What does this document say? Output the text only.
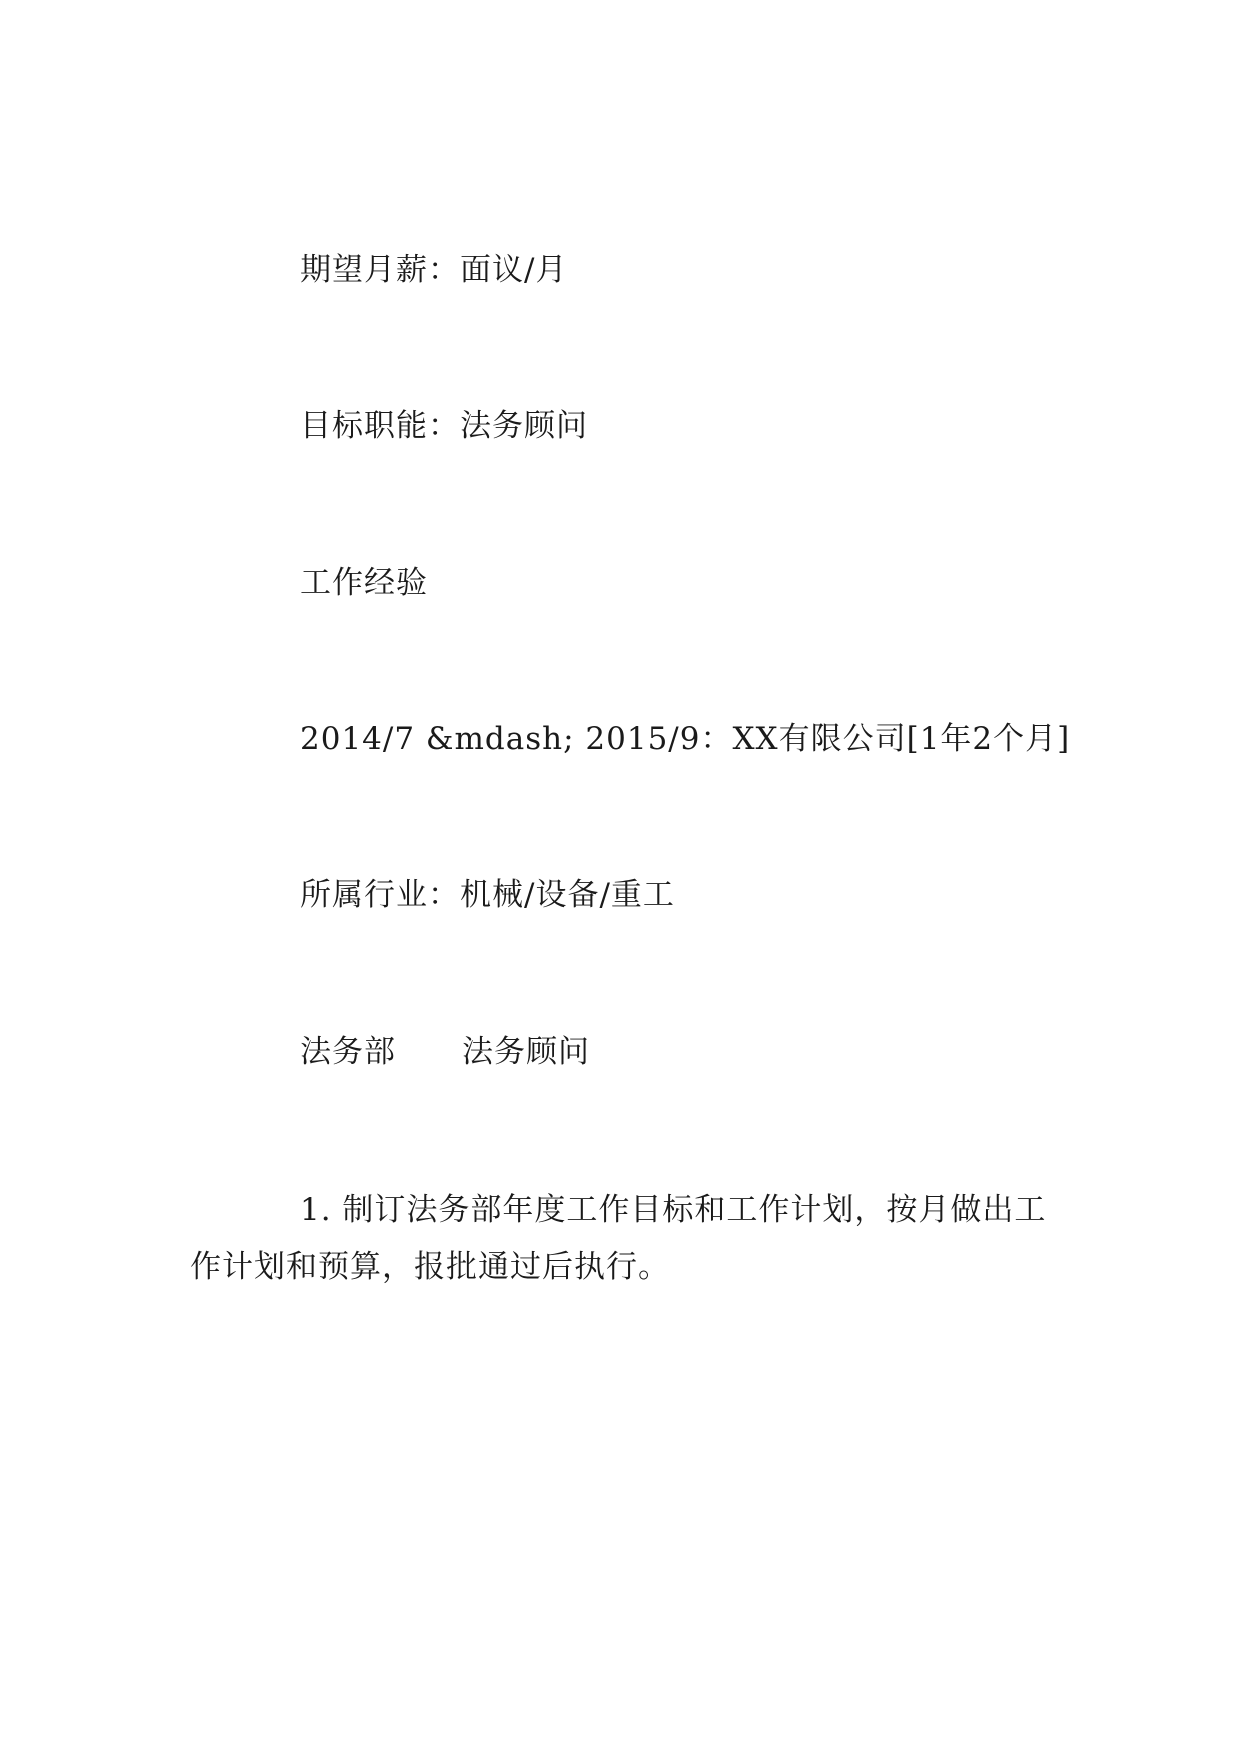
期望月薪：面议/月
目标职能：法务顾问
工作经验
2014/7 &mdash; 2015/9：XX有限公司[1年2个月]
所属行业：机械/设备/重工
法务部 法务顾问
1. 制订法务部年度工作目标和工作计划，按月做出工作计划和预算，报批通过后执行。
